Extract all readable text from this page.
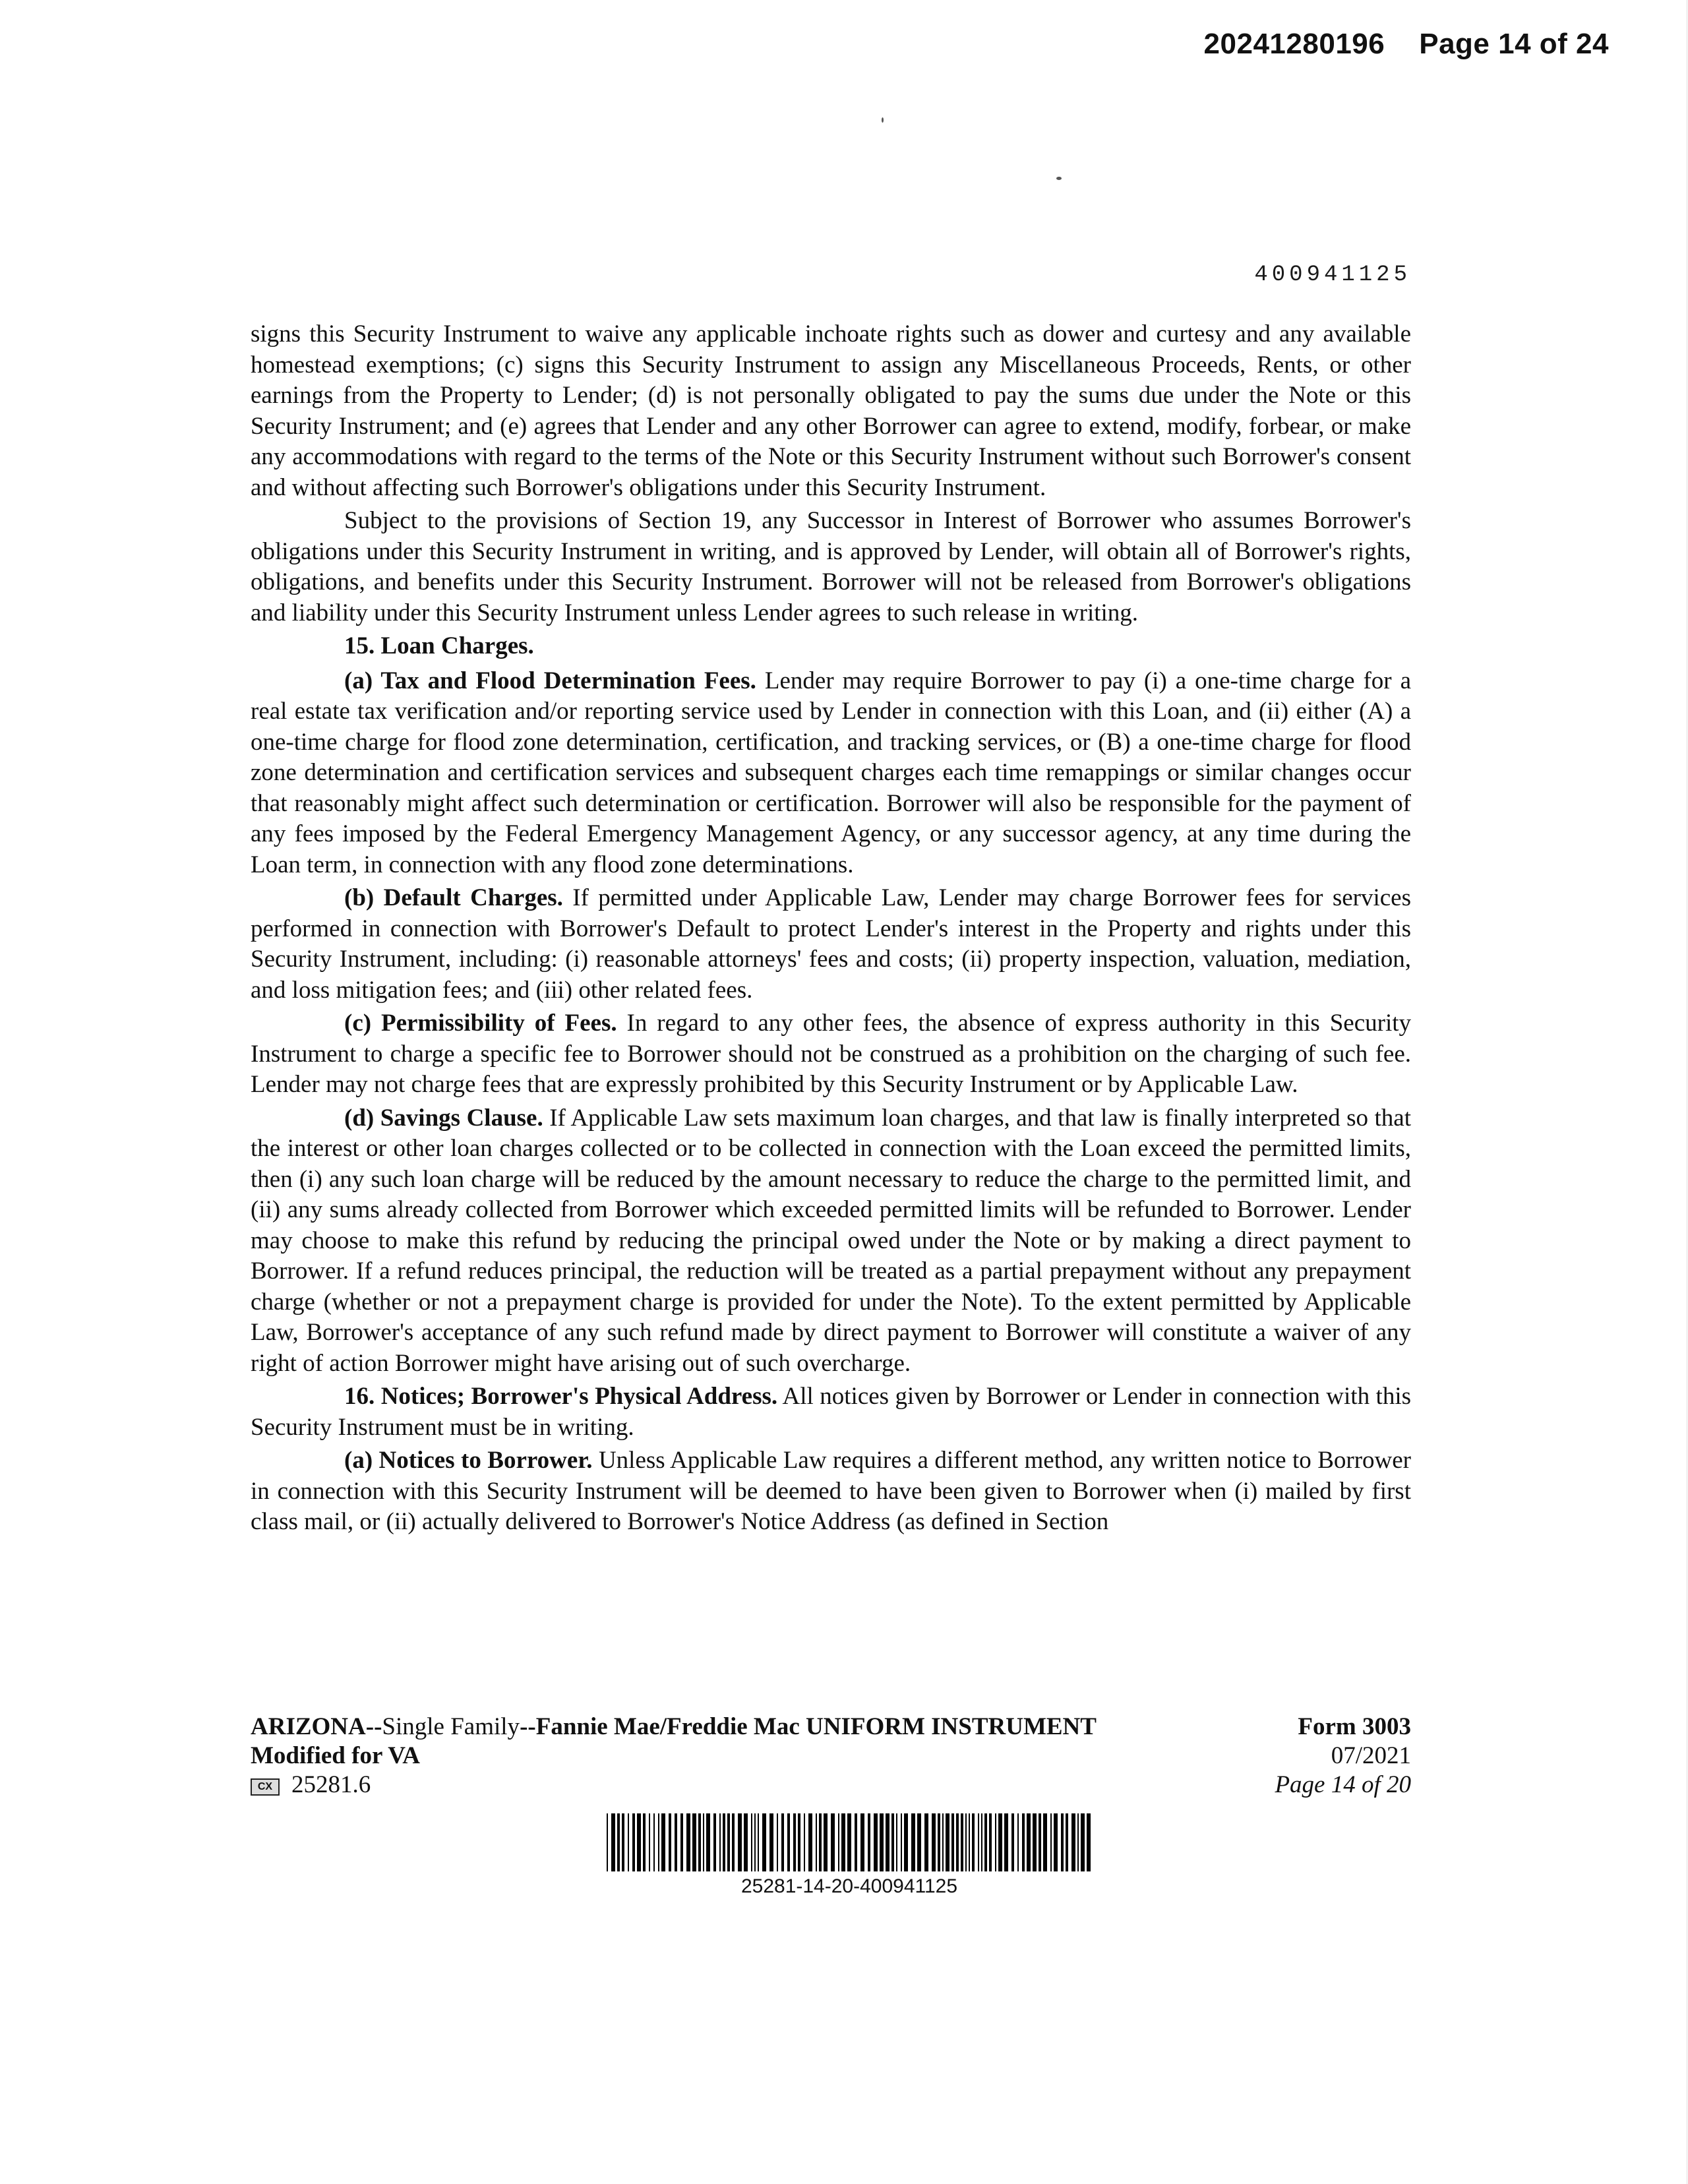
20241280196 Page 14 of 24
400941125

signs this Security Instrument to waive any applicable inchoate rights such as dower and curtesy and any available homestead exemptions; (c) signs this Security Instrument to assign any Miscellaneous Proceeds, Rents, or other earnings from the Property to Lender; (d) is not personally obligated to pay the sums due under the Note or this Security Instrument; and (e) agrees that Lender and any other Borrower can agree to extend, modify, forbear, or make any accommodations with regard to the terms of the Note or this Security Instrument without such Borrower's consent and without affecting such Borrower's obligations under this Security Instrument.

Subject to the provisions of Section 19, any Successor in Interest of Borrower who assumes Borrower's obligations under this Security Instrument in writing, and is approved by Lender, will obtain all of Borrower's rights, obligations, and benefits under this Security Instrument. Borrower will not be released from Borrower's obligations and liability under this Security Instrument unless Lender agrees to such release in writing.

15. Loan Charges.

(a) Tax and Flood Determination Fees. Lender may require Borrower to pay (i) a one-time charge for a real estate tax verification and/or reporting service used by Lender in connection with this Loan, and (ii) either (A) a one-time charge for flood zone determination, certification, and tracking services, or (B) a one-time charge for flood zone determination and certification services and subsequent charges each time remappings or similar changes occur that reasonably might affect such determination or certification. Borrower will also be responsible for the payment of any fees imposed by the Federal Emergency Management Agency, or any successor agency, at any time during the Loan term, in connection with any flood zone determinations.

(b) Default Charges. If permitted under Applicable Law, Lender may charge Borrower fees for services performed in connection with Borrower's Default to protect Lender's interest in the Property and rights under this Security Instrument, including: (i) reasonable attorneys' fees and costs; (ii) property inspection, valuation, mediation, and loss mitigation fees; and (iii) other related fees.

(c) Permissibility of Fees. In regard to any other fees, the absence of express authority in this Security Instrument to charge a specific fee to Borrower should not be construed as a prohibition on the charging of such fee. Lender may not charge fees that are expressly prohibited by this Security Instrument or by Applicable Law.

(d) Savings Clause. If Applicable Law sets maximum loan charges, and that law is finally interpreted so that the interest or other loan charges collected or to be collected in connection with the Loan exceed the permitted limits, then (i) any such loan charge will be reduced by the amount necessary to reduce the charge to the permitted limit, and (ii) any sums already collected from Borrower which exceeded permitted limits will be refunded to Borrower. Lender may choose to make this refund by reducing the principal owed under the Note or by making a direct payment to Borrower. If a refund reduces principal, the reduction will be treated as a partial prepayment without any prepayment charge (whether or not a prepayment charge is provided for under the Note). To the extent permitted by Applicable Law, Borrower's acceptance of any such refund made by direct payment to Borrower will constitute a waiver of any right of action Borrower might have arising out of such overcharge.

16. Notices; Borrower's Physical Address. All notices given by Borrower or Lender in connection with this Security Instrument must be in writing.

(a) Notices to Borrower. Unless Applicable Law requires a different method, any written notice to Borrower in connection with this Security Instrument will be deemed to have been given to Borrower when (i) mailed by first class mail, or (ii) actually delivered to Borrower's Notice Address (as defined in Section

ARIZONA--Single Family--Fannie Mae/Freddie Mac UNIFORM INSTRUMENT
Modified for VA
CX 25281.6
Form 3003
07/2021
Page 14 of 20
25281-14-20-400941125
